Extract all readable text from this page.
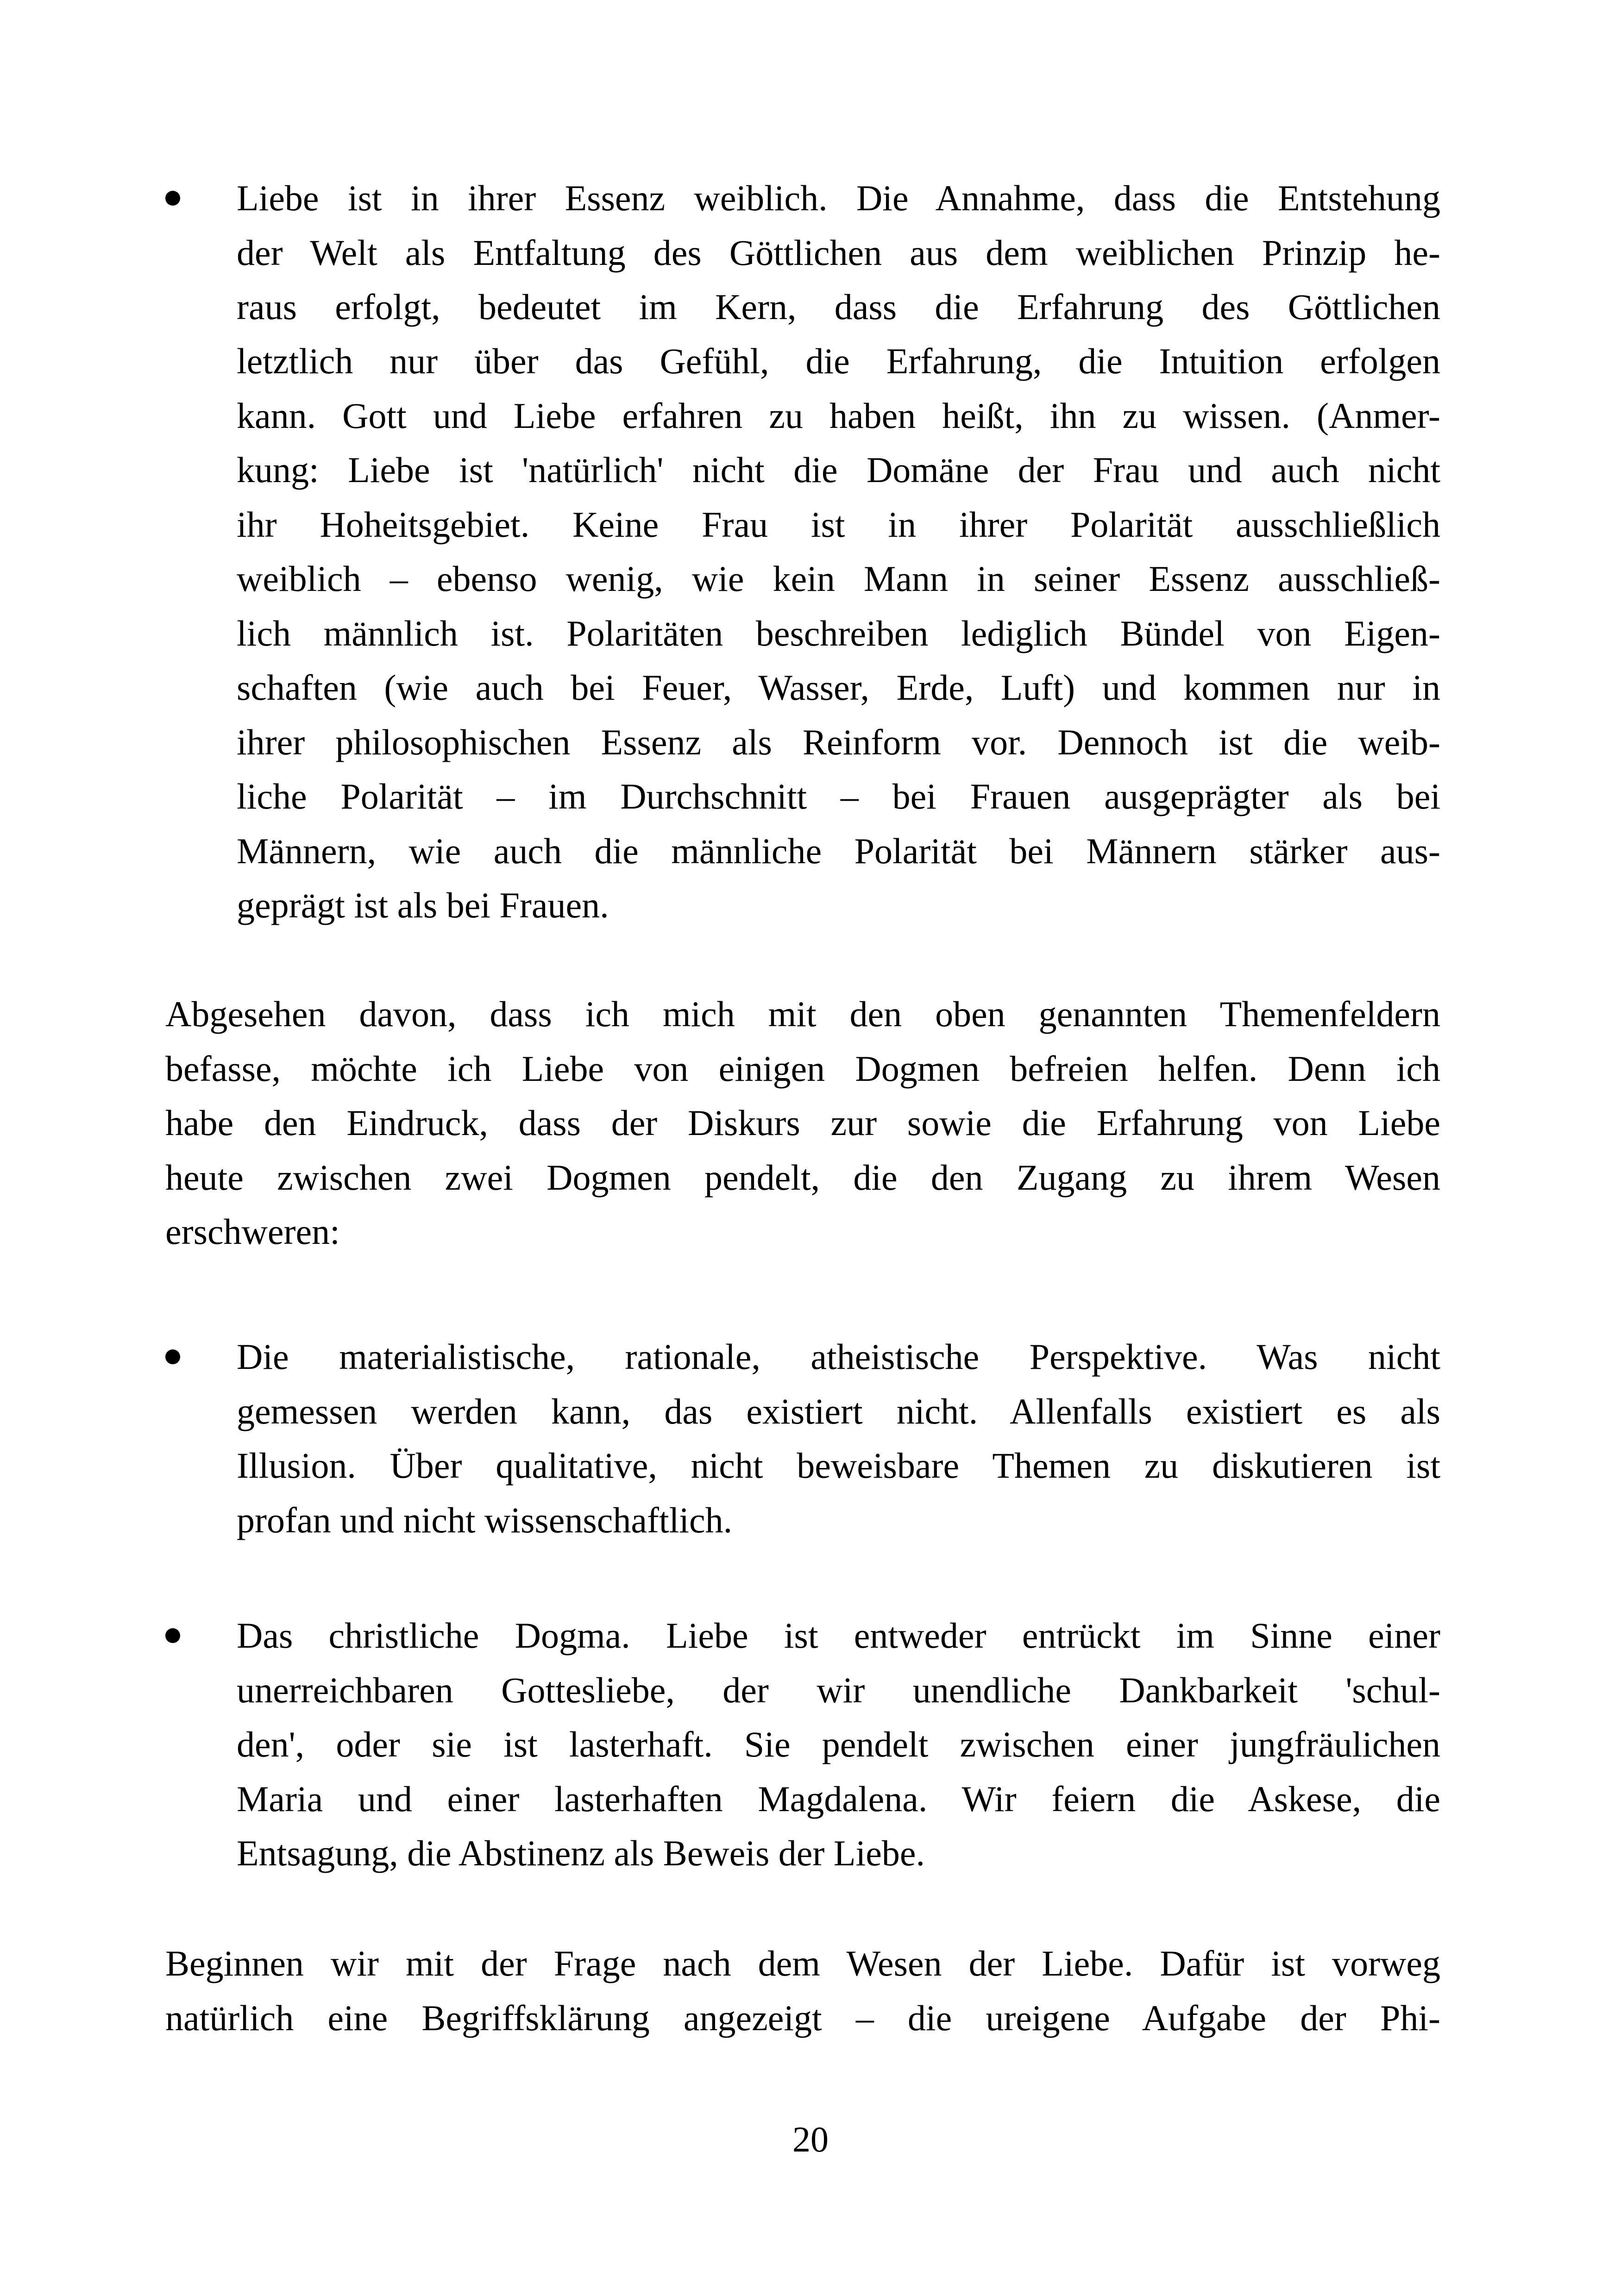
Liebe ist in ihrer Essenz weiblich. Die Annahme, dass die Entstehung
der Welt als Entfaltung des Göttlichen aus dem weiblichen Prinzip he-
raus erfolgt, bedeutet im Kern, dass die Erfahrung des Göttlichen
letztlich nur über das Gefühl, die Erfahrung, die Intuition erfolgen
kann. Gott und Liebe erfahren zu haben heißt, ihn zu wissen. (Anmer-
kung: Liebe ist 'natürlich' nicht die Domäne der Frau und auch nicht
ihr Hoheitsgebiet. Keine Frau ist in ihrer Polarität ausschließlich
weiblich – ebenso wenig, wie kein Mann in seiner Essenz ausschließ-
lich männlich ist. Polaritäten beschreiben lediglich Bündel von Eigen-
schaften (wie auch bei Feuer, Wasser, Erde, Luft) und kommen nur in
ihrer philosophischen Essenz als Reinform vor. Dennoch ist die weib-
liche Polarität – im Durchschnitt – bei Frauen ausgeprägter als bei
Männern, wie auch die männliche Polarität bei Männern stärker aus-
geprägt ist als bei Frauen.
Abgesehen davon, dass ich mich mit den oben genannten Themenfeldern
befasse, möchte ich Liebe von einigen Dogmen befreien helfen. Denn ich
habe den Eindruck, dass der Diskurs zur sowie die Erfahrung von Liebe
heute zwischen zwei Dogmen pendelt, die den Zugang zu ihrem Wesen
erschweren:
Die materialistische, rationale, atheistische Perspektive. Was nicht
gemessen werden kann, das existiert nicht. Allenfalls existiert es als
Illusion. Über qualitative, nicht beweisbare Themen zu diskutieren ist
profan und nicht wissenschaftlich.
Das christliche Dogma. Liebe ist entweder entrückt im Sinne einer
unerreichbaren Gottesliebe, der wir unendliche Dankbarkeit 'schul-
den', oder sie ist lasterhaft. Sie pendelt zwischen einer jungfräulichen
Maria und einer lasterhaften Magdalena. Wir feiern die Askese, die
Entsagung, die Abstinenz als Beweis der Liebe.
Beginnen wir mit der Frage nach dem Wesen der Liebe. Dafür ist vorweg
natürlich eine Begriffsklärung angezeigt – die ureigene Aufgabe der Phi-
20
